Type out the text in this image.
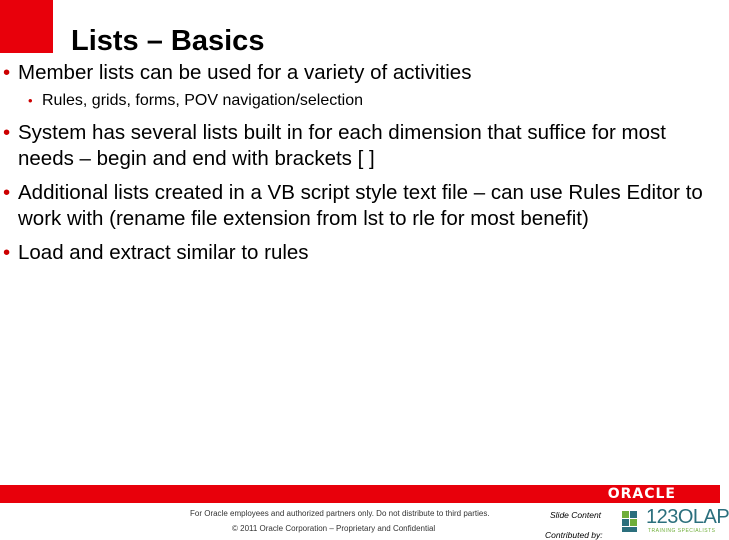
Lists – Basics
• Member lists can be used for a variety of activities
• Rules, grids, forms, POV navigation/selection
• System has several lists built in for each dimension that suffice for most needs – begin and end with brackets [ ]
• Additional lists created in a VB script style text file – can use Rules Editor to work with (rename file extension from lst to rle for most benefit)
• Load and extract similar to rules
ORACLE
For Oracle employees and authorized partners only. Do not distribute to third parties.
© 2011 Oracle Corporation – Proprietary and Confidential
Slide Content
Contributed by:
123OLAP
TRAINING SPECIALISTS
